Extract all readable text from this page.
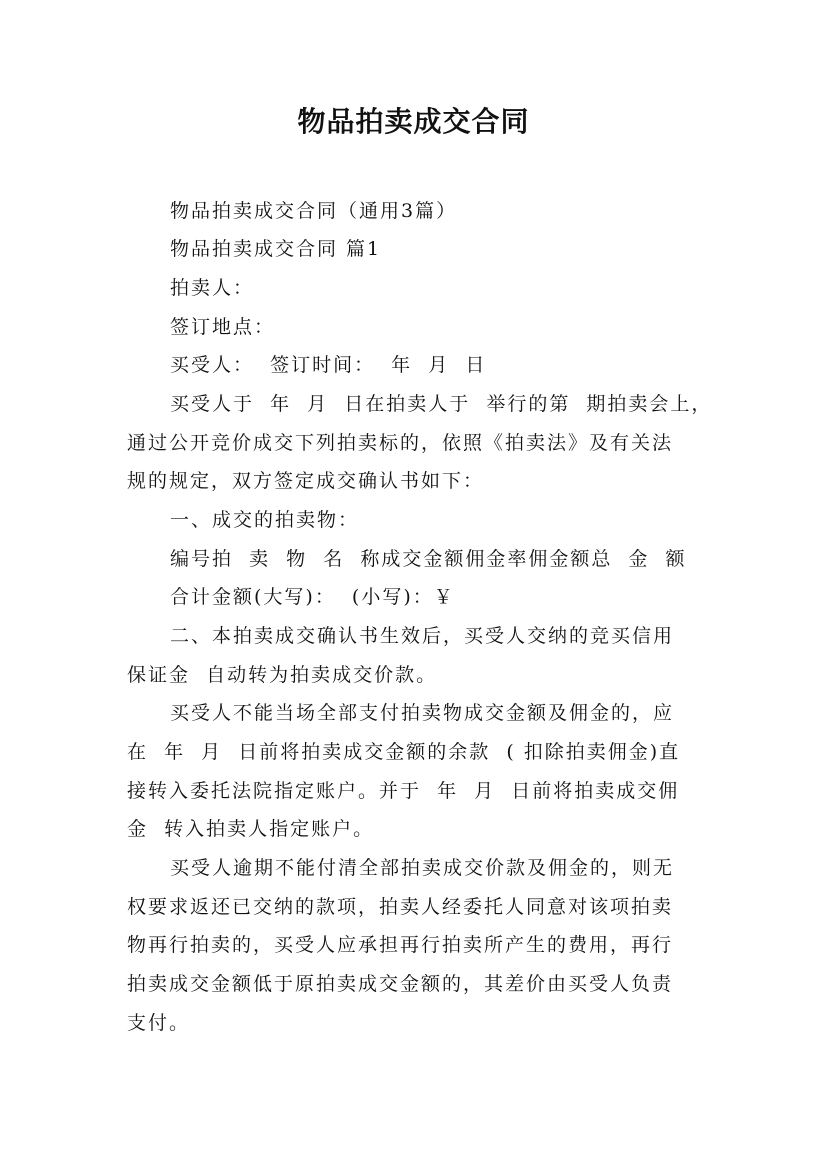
物品拍卖成交合同
物品拍卖成交合同（通用3篇）
物品拍卖成交合同 篇1
拍卖人：
签订地点：
买受人：  签订时间：  年  月  日
买受人于  年  月  日在拍卖人于  举行的第  期拍卖会上，
通过公开竞价成交下列拍卖标的，依照《拍卖法》及有关法
规的规定，双方签定成交确认书如下：
一、成交的拍卖物：
编号拍  卖  物  名  称成交金额佣金率佣金额总  金  额
合计金额(大写)：  (小写)：￥
二、本拍卖成交确认书生效后，买受人交纳的竞买信用
保证金  自动转为拍卖成交价款。
买受人不能当场全部支付拍卖物成交金额及佣金的，应
在  年  月  日前将拍卖成交金额的余款  ( 扣除拍卖佣金)直
接转入委托法院指定账户。并于  年  月  日前将拍卖成交佣
金  转入拍卖人指定账户。
买受人逾期不能付清全部拍卖成交价款及佣金的，则无
权要求返还已交纳的款项，拍卖人经委托人同意对该项拍卖
物再行拍卖的，买受人应承担再行拍卖所产生的费用，再行
拍卖成交金额低于原拍卖成交金额的，其差价由买受人负责
支付。
